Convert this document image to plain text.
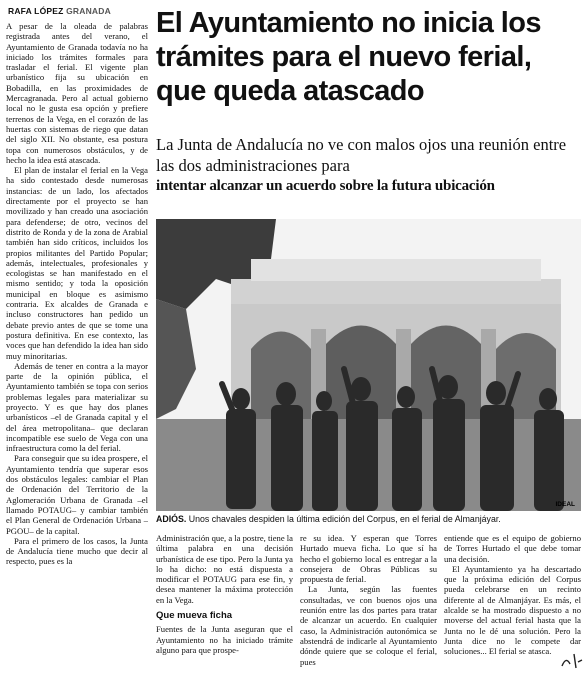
RAFA LÓPEZ GRANADA

A pesar de la oleada de palabras registrada antes del verano, el Ayuntamiento de Granada todavía no ha iniciado los trámites formales para trasladar el ferial. El vigente plan urbanístico fija su ubicación en Bobadilla, en las proximidades de Mercagranada. Pero al actual gobierno local no le gusta esa opción y prefiere terrenos de la Vega, en el corazón de las huertas con sistemas de riego que datan del siglo XII. No obstante, esa postura topa con numerosos obstáculos, y de hecho la idea está atascada.

El plan de instalar el ferial en la Vega ha sido contestado desde numerosas instancias: de un lado, los afectados directamente por el proyecto se han movilizado y han creado una asociación para defenderse; de otro, vecinos del distrito de Ronda y de la zona de Arabial también han sido críticos, incluidos los propios militantes del Partido Popular; además, intelectuales, profesionales y ecologistas se han manifestado en el mismo sentido; y toda la oposición municipal en bloque es asimismo contraria. Ex alcaldes de Granada e incluso constructores han pedido un debate previo antes de que se tome una postura definitiva. En ese contexto, las voces que han defendido la idea han sido muy minoritarias.

Además de tener en contra a la mayor parte de la opinión pública, el Ayuntamiento también se topa con serios problemas legales para materializar su proyecto. Y es que hay dos planes urbanísticos –el de Granada capital y el del área metropolitana– que declaran incompatible ese suelo de Vega con una infraestructura como la del ferial.

Para conseguir que su idea prospere, el Ayuntamiento tendría que superar esos dos obstáculos legales: cambiar el Plan de Ordenación del Territorio de la Aglomeración Urbana de Granada –el llamado POTAUG– y cambiar también el Plan General de Ordenación Urbana –PGOU– de la capital.

Para el primero de los casos, la Junta de Andalucía tiene mucho que decir al respecto, pues es la

El Ayuntamiento no inicia los trámites para el nuevo ferial, que queda atascado
La Junta de Andalucía no ve con malos ojos una reunión entre las dos administraciones para
intentar alcanzar un acuerdo sobre la futura ubicación
IDEAL
ADIÓS. Unos chavales despiden la última edición del Corpus, en el ferial de Almanjáyar.

Administración que, a la postre, tiene la última palabra en una decisión urbanística de ese tipo. Pero la Junta ya lo ha dicho: no está dispuesta a modificar el POTAUG para ese fin, y desea mantener la máxima protección en la Vega.

Que mueva ficha

Fuentes de la Junta aseguran que el Ayuntamiento no ha iniciado trámite alguno para que prospe-

re su idea. Y esperan que Torres Hurtado mueva ficha. Lo que sí ha hecho el gobierno local es entregar a la consejera de Obras Públicas su propuesta de ferial.

La Junta, según las fuentes consultadas, ve con buenos ojos una reunión entre las dos partes para tratar de alcanzar un acuerdo. En cualquier caso, la Administración autonómica se abstendrá de indicarle al Ayuntamiento dónde quiere que se coloque el ferial, pues

entiende que es el equipo de gobierno de Torres Hurtado el que debe tomar una decisión.

El Ayuntamiento ya ha descartado que la próxima edición del Corpus pueda celebrarse en un recinto diferente al de Almanjáyar. Es más, el alcalde se ha mostrado dispuesto a no moverse del actual ferial hasta que la Junta no le dé una solución. Pero la Junta dice no le compete dar soluciones... El ferial se atasca.
